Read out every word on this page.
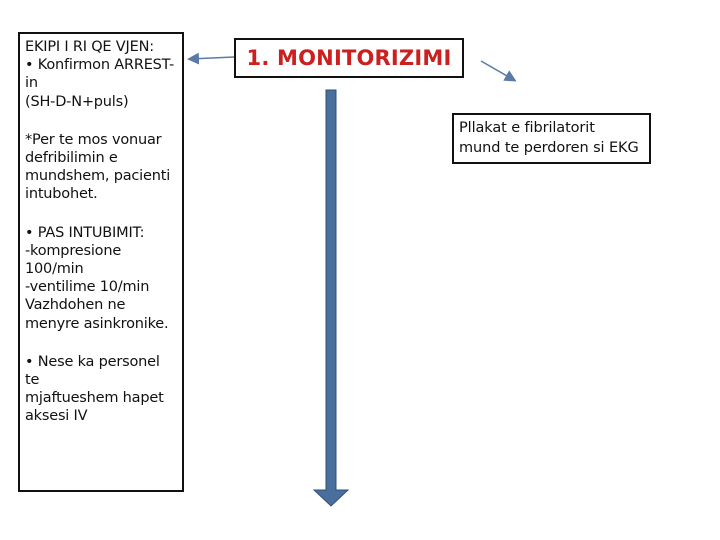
EKIPI I RI QE VJEN:

• Konfirmon ARREST-

in

(SH-D-N+puls)

*Per te mos vonuar

defribilimin e

mundshem, pacienti

intubohet.

• PAS INTUBIMIT:

-kompresione

100/min

-ventilime 10/min

Vazhdohen ne

menyre asinkronike.

• Nese ka personel te

mjaftueshem hapet

aksesi IV

1. MONITORIZIMI

Pllakat e fibrilatorit

mund te perdoren si EKG
